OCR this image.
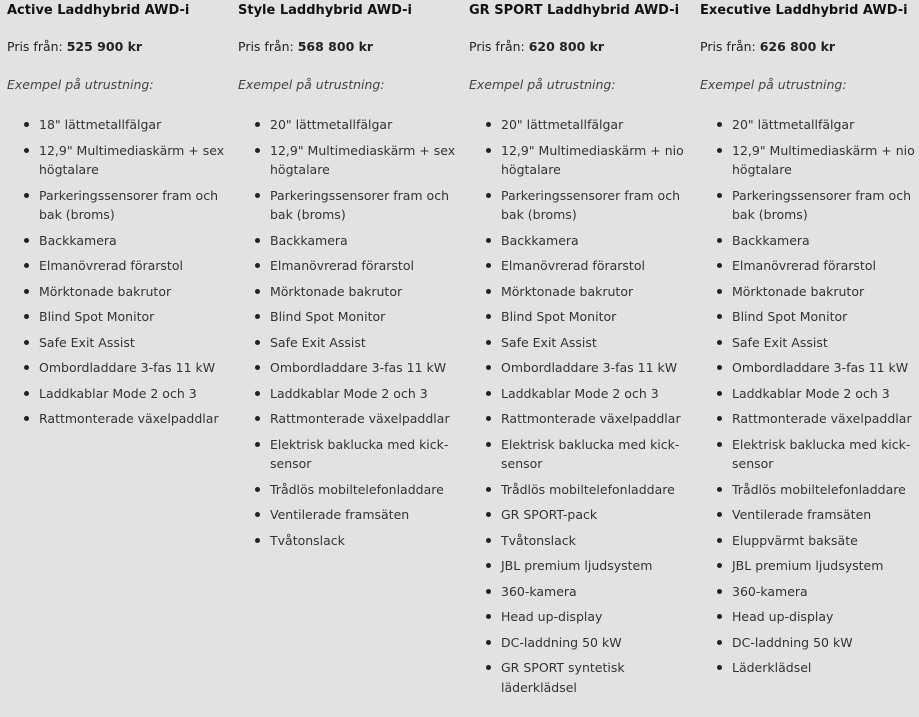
Active Laddhybrid AWD-i
Pris från: 525 900 kr
Exempel på utrustning:
18" lättmetallfälgar
12,9" Multimediaskärm + sex högtalare
Parkeringssensorer fram och bak (broms)
Backkamera
Elmanövrerad förarstol
Mörktonade bakrutor
Blind Spot Monitor
Safe Exit Assist
Ombordladdare 3-fas 11 kW
Laddkablar Mode 2 och 3
Rattmonterade växelpaddlar
Style Laddhybrid AWD-i
Pris från: 568 800 kr
Exempel på utrustning:
20" lättmetallfälgar
12,9" Multimediaskärm + sex högtalare
Parkeringssensorer fram och bak (broms)
Backkamera
Elmanövrerad förarstol
Mörktonade bakrutor
Blind Spot Monitor
Safe Exit Assist
Ombordladdare 3-fas 11 kW
Laddkablar Mode 2 och 3
Rattmonterade växelpaddlar
Elektrisk baklucka med kick-sensor
Trådlös mobiltelefonladdare
Ventilerade framsäten
Tvåtonslack
GR SPORT Laddhybrid AWD-i
Pris från: 620 800 kr
Exempel på utrustning:
20" lättmetallfälgar
12,9" Multimediaskärm + nio högtalare
Parkeringssensorer fram och bak (broms)
Backkamera
Elmanövrerad förarstol
Mörktonade bakrutor
Blind Spot Monitor
Safe Exit Assist
Ombordladdare 3-fas 11 kW
Laddkablar Mode 2 och 3
Rattmonterade växelpaddlar
Elektrisk baklucka med kick-sensor
Trådlös mobiltelefonladdare
GR SPORT-pack
Tvåtonslack
JBL premium ljudsystem
360-kamera
Head up-display
DC-laddning 50 kW
GR SPORT syntetisk läderklädsel
Executive Laddhybrid AWD-i
Pris från: 626 800 kr
Exempel på utrustning:
20" lättmetallfälgar
12,9" Multimediaskärm + nio högtalare
Parkeringssensorer fram och bak (broms)
Backkamera
Elmanövrerad förarstol
Mörktonade bakrutor
Blind Spot Monitor
Safe Exit Assist
Ombordladdare 3-fas 11 kW
Laddkablar Mode 2 och 3
Rattmonterade växelpaddlar
Elektrisk baklucka med kick-sensor
Trådlös mobiltelefonladdare
Ventilerade framsäten
Eluppvärmt baksäte
JBL premium ljudsystem
360-kamera
Head up-display
DC-laddning 50 kW
Läderklädsel
